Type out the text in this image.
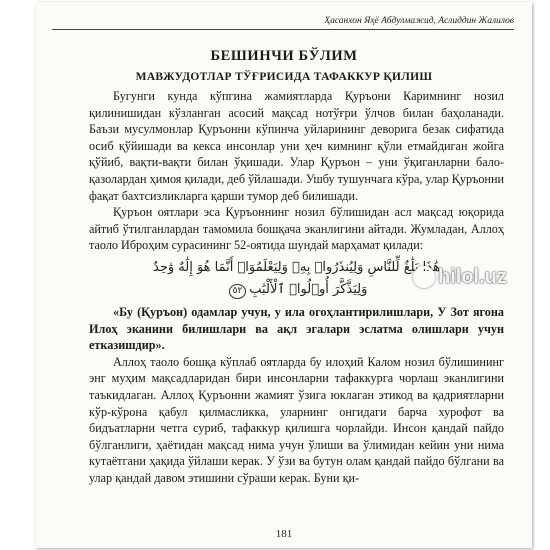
Ҳасанхон Яҳё Абдулмажид, Аслиддин Жалилов
БЕШИНЧИ БЎЛИМ
МАВЖУДОТЛАР ТЎҒРИСИДА ТАФАККУР ҚИЛИШ

Бугунги кунда кўпгина жамиятларда Қуръони Каримнинг нозил қилинишидан кўзланган асосий мақсад нотўғри ўлчов билан баҳоланади. Баъзи мусулмонлар Қуръонни кўпинча уйларининг деворига безак сифатида осиб қўйишади ва кекса инсонлар уни ҳеч кимнинг қўли етмайдиган жойга қўйиб, вақти-вақти билан ўқишади. Улар Қуръон – уни ўқиганларни бало-қазолардан ҳимоя қилади, деб ўйлашади. Ушбу тушунчага кўра, улар Қуръонни фақат бахтсизликларга қарши тумор деб билишади.

Қуръон оятлари эса Қуръоннинг нозил бўлишидан асл мақсад юқорида айтиб ўтилганлардан тамомила бошқача эканлигини айтади. Жумладан, Аллоҳ таоло Иброҳим сурасининг 52-оятида шундай марҳамат қилади:

هَٰذَا بَلَٰغٌ لِّلنَّاسِ وَلِيُنذَرُوا۟ بِهِۦ وَلِيَعْلَمُوٓا۟ أَنَّمَا هُوَ إِلَٰهٌ وَٰحِدٌ
وَلِيَذَّكَّرَ أُو۟لُوا۟ ٱلْأَلْبَٰبِ٥٢

«Бу (Қуръон) одамлар учун, у ила огоҳлантирилишлари, У Зот ягона Илоҳ эканини билишлари ва ақл эгалари эслатма олишлари учун етказишдир».

Аллоҳ таоло бошқа кўплаб оятларда бу илоҳий Калом нозил бўлишининг энг муҳим мақсадларидан бири инсонларни тафаккурга чорлаш эканлигини таъкидлаган. Аллоҳ Қуръонни жамият ўзига юклаган этикод ва қадриятларни кўр-кўрона қабул қилмасликка, уларнинг онгидаги барча хурофот ва бидъатларни четга суриб, тафаккур қилишга чорлайди. Инсон қандай пайдо бўлганлиги, ҳаётидан мақсад нима учун ўлиши ва ўлимидан кейин уни нима кутаётгани ҳақида ўйлаши керак. У ўзи ва бутун олам қандай пайдо бўлгани ва улар қандай давом этишини сўраши керак. Буни қи-

181
hilol.uz
